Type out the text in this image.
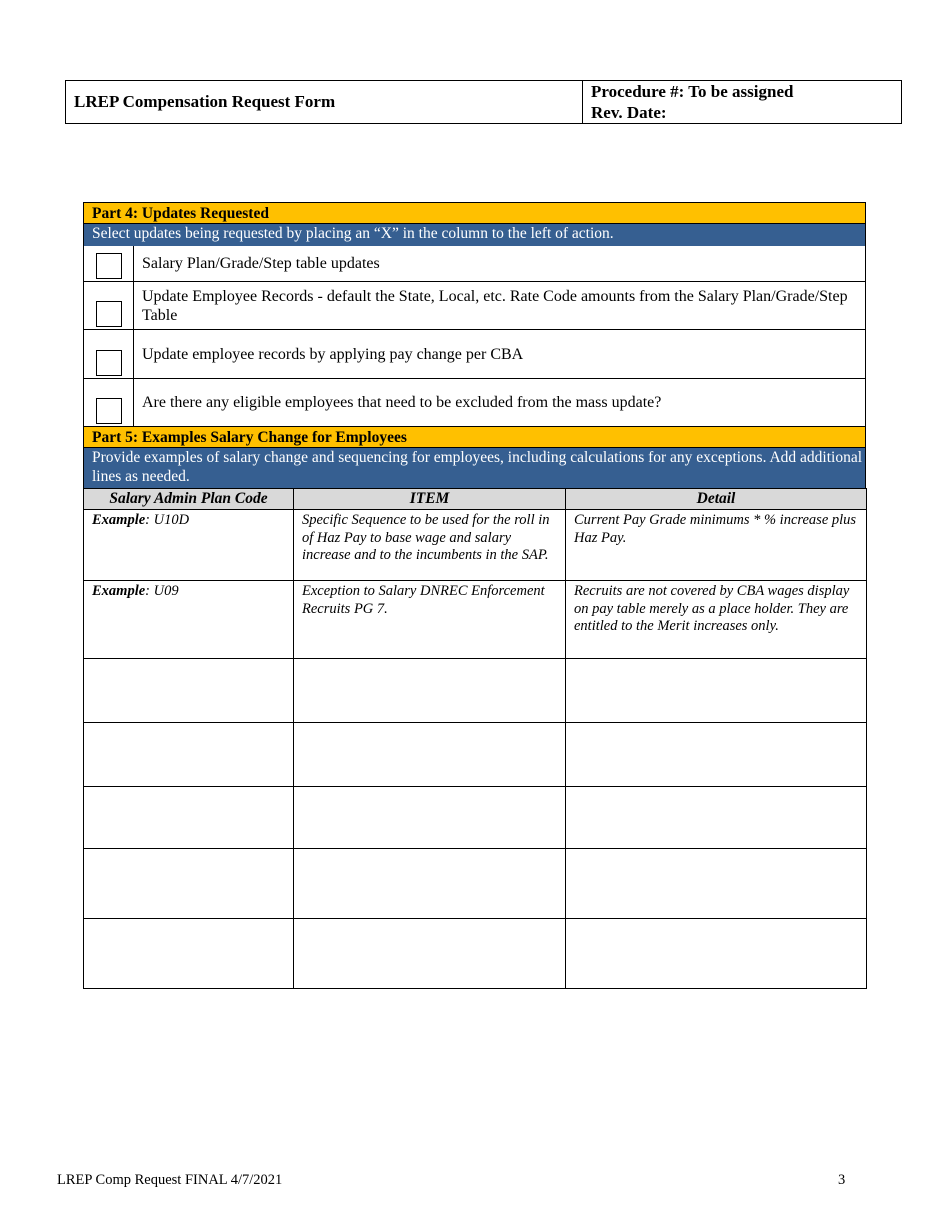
LREP Compensation Request Form
Procedure #: To be assigned
Rev. Date:
Part 4: Updates Requested
Select updates being requested by placing an “X” in the column to the left of action.
Salary Plan/Grade/Step table updates
Update Employee Records - default the State, Local, etc. Rate Code amounts from the Salary Plan/Grade/Step Table
Update employee records by applying pay change per CBA
Are there any eligible employees that need to be excluded from the mass update?
Part 5: Examples Salary Change for Employees
Provide examples of salary change and sequencing for employees, including calculations for any exceptions. Add additional lines as needed.
Salary Admin Plan Code	ITEM	Detail
Example: U10D	Specific Sequence to be used for the roll in of Haz Pay to base wage and salary increase and to the incumbents in the SAP.	Current Pay Grade minimums * % increase plus Haz Pay.
Example: U09	Exception to Salary DNREC Enforcement Recruits PG 7.	Recruits are not covered by CBA wages display on pay table merely as a place holder. They are entitled to the Merit increases only.

LREP Comp Request FINAL 4/7/2021	3
